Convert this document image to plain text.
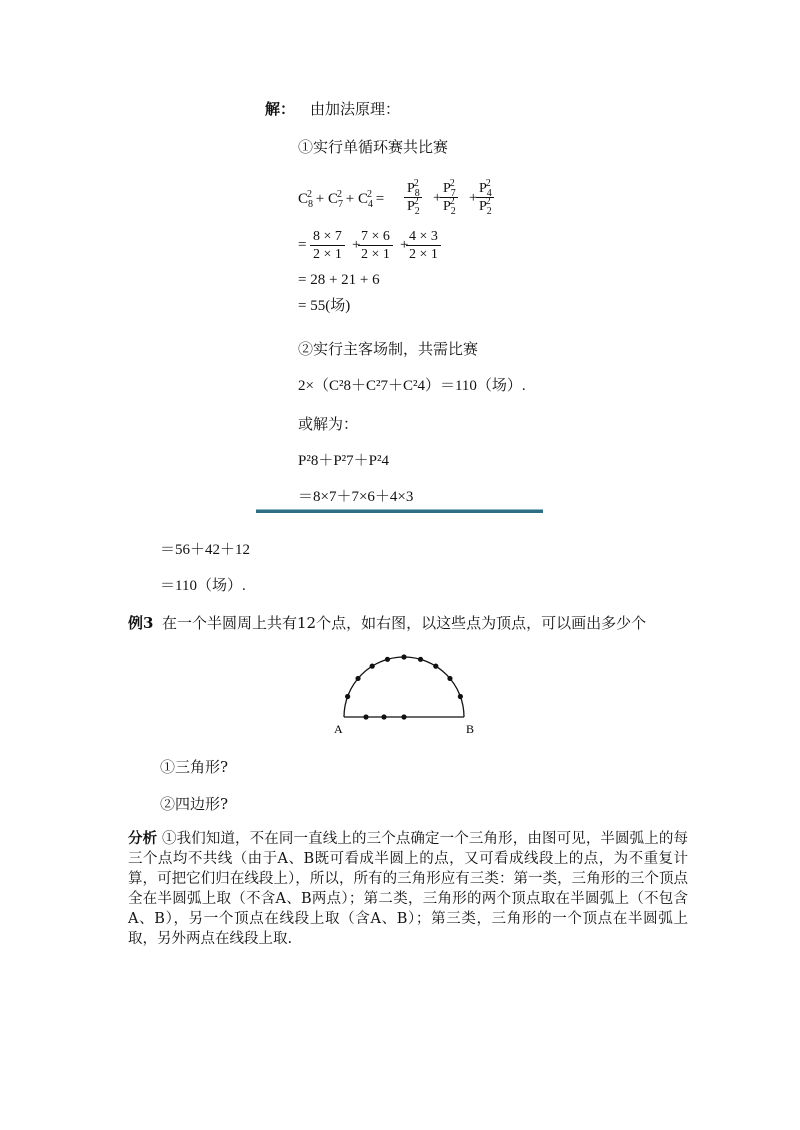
解： 由加法原理：
①实行单循环赛共比赛
$C_8^2 + C_7^2 + C_4^2 = \frac{P_8^2}{P_2^2}$ +
$\frac{P_7^2}{P_2^2}$ +
$\frac{P_4^2}{P_2^2}$
= $\frac{8 \times 7}{2 \times 1}$ +
$\frac{7 \times 6}{2 \times 1}$ +
$\frac{4 \times 3}{2 \times 1}$
= 28 + 21 + 6
= 55(场)
②实行主客场制，共需比赛
2×（C²8＋C²7＋C²4）＝110（场）.
或解为：
P²8＋P²7＋P²4
＝8×7＋7×6＋4×3
＝56＋42＋12
＝110（场）.
例3 在一个半圆周上共有12个点，如右图，以这些点为顶点，可以画出多少个
A	B
①三角形?
②四边形?
分析 ①我们知道，不在同一直线上的三个点确定一个三角形，由图可见，半圆弧上的每三个点均不共线（由于A、B既可看成半圆上的点，又可看成线段上的点，为不重复计算，可把它们归在线段上），所以，所有的三角形应有三类：第一类，三角形的三个顶点全在半圆弧上取（不含A、B两点）；第二类，三角形的两个顶点取在半圆弧上（不包含A、B），另一个顶点在线段上取（含A、B）；第三类，三角形的一个顶点在半圆弧上取，另外两点在线段上取.
